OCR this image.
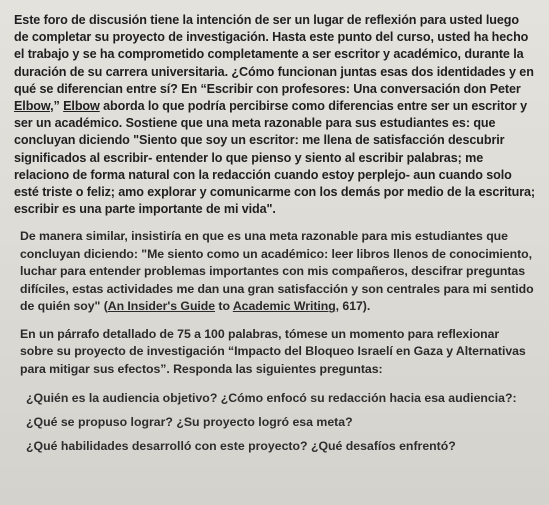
Este foro de discusión tiene la intención de ser un lugar de reflexión para usted luego de completar su proyecto de investigación. Hasta este punto del curso, usted ha hecho el trabajo y se ha comprometido completamente a ser escritor y académico, durante la duración de su carrera universitaria. ¿Cómo funcionan juntas esas dos identidades y en qué se diferencian entre sí? En “Escribir con profesores: Una conversación don Peter Elbow,” Elbow aborda lo que podría percibirse como diferencias entre ser un escritor y ser un académico. Sostiene que una meta razonable para sus estudiantes es: que concluyan diciendo "Siento que soy un escritor: me llena de satisfacción descubrir significados al escribir- entender lo que pienso y siento al escribir palabras; me relaciono de forma natural con la redacción cuando estoy perplejo- aun cuando solo esté triste o feliz; amo explorar y comunicarme con los demás por medio de la escritura; escribir es una parte importante de mi vida".

De manera similar, insistiría en que es una meta razonable para mis estudiantes que concluyan diciendo: "Me siento como un académico: leer libros llenos de conocimiento, luchar para entender problemas importantes con mis compañeros, descifrar preguntas difíciles, estas actividades me dan una gran satisfacción y son centrales para mi sentido de quién soy" (An Insider's Guide to Academic Writing, 617).

En un párrafo detallado de 75 a 100 palabras, tómese un momento para reflexionar sobre su proyecto de investigación “Impacto del Bloqueo Israelí en Gaza y Alternativas para mitigar sus efectos”. Responda las siguientes preguntas:

¿Quién es la audiencia objetivo? ¿Cómo enfocó su redacción hacia esa audiencia?:

¿Qué se propuso lograr? ¿Su proyecto logró esa meta?

¿Qué habilidades desarrolló con este proyecto? ¿Qué desafíos enfrentó?
